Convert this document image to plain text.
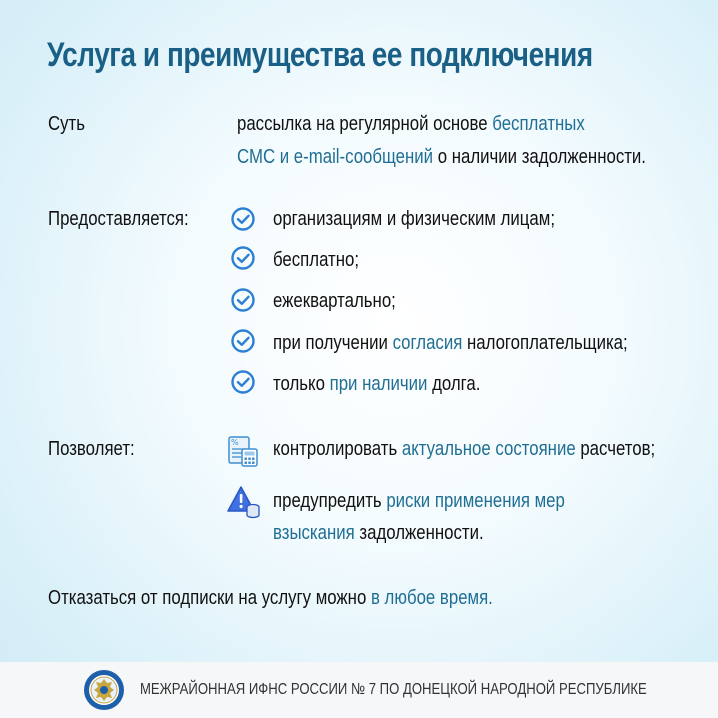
Услуга и преимущества ее подключения
Суть	рассылка на регулярной основе бесплатных
СМС и e-mail-сообщений о наличии задолженности.
Предоставляется:	организациям и физическим лицам;
бесплатно;
ежеквартально;
при получении согласия налогоплательщика;
только при наличии долга.
Позволяет:	% контролировать актуальное состояние расчетов;
предупредить риски применения мер
взыскания задолженности.
Отказаться от подписки на услугу можно в любое время.
МЕЖРАЙОННАЯ ИФНС РОССИИ № 7 ПО ДОНЕЦКОЙ НАРОДНОЙ РЕСПУБЛИКЕ
